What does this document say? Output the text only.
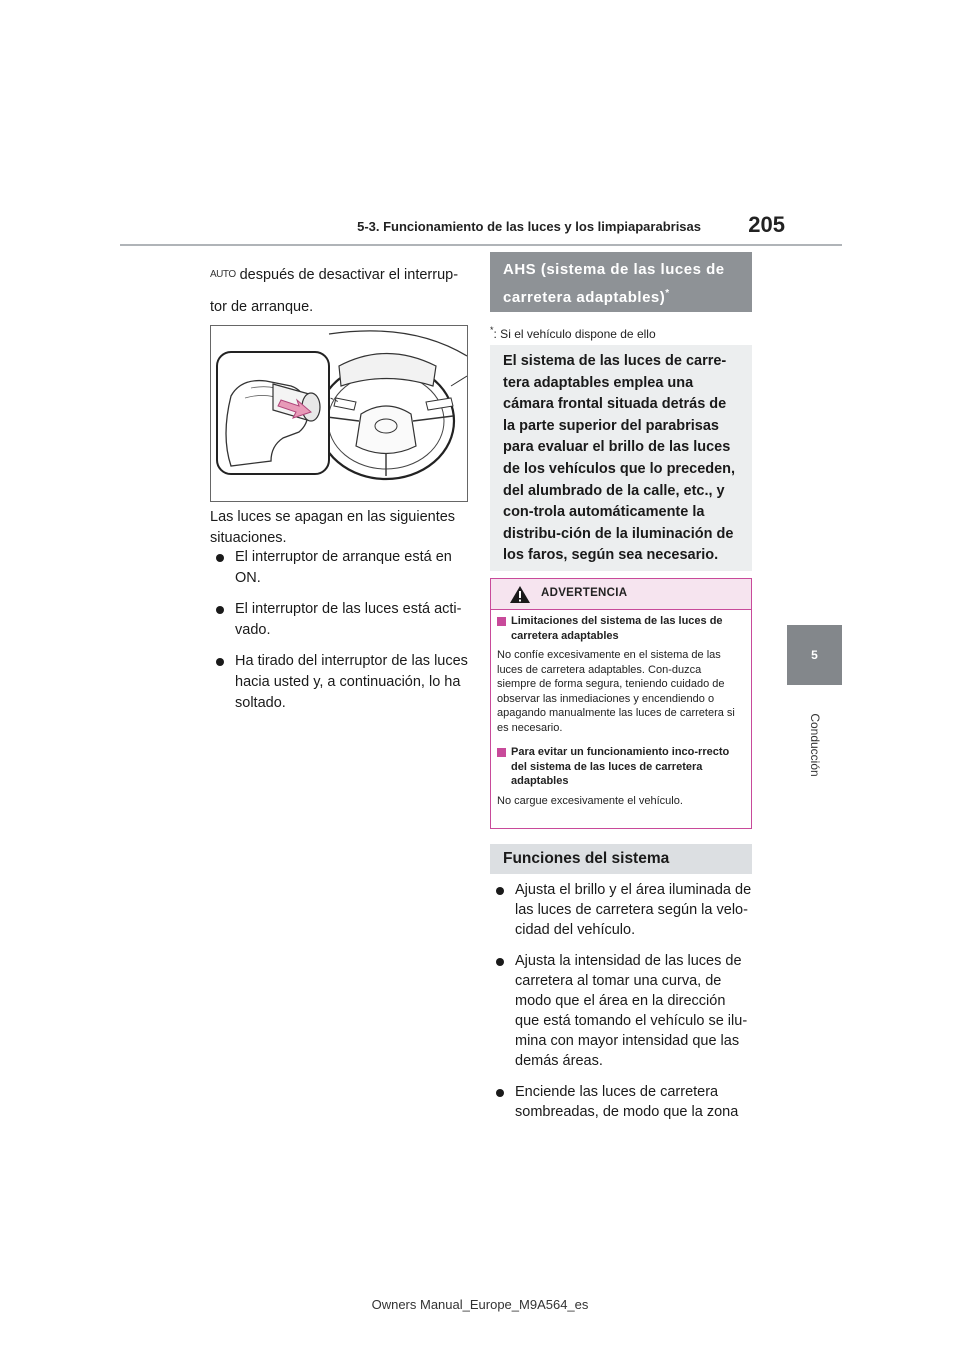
5-3. Funcionamiento de las luces y los limpiaparabrisas	205
5
Conducción
AUTO después de desactivar el interrup-
tor de arranque.
Las luces se apagan en las siguientes situaciones.
El interruptor de arranque está en ON.
El interruptor de las luces está acti-vado.
Ha tirado del interruptor de las luces hacia usted y, a continuación, lo ha soltado.
AHS (sistema de las luces de carretera adaptables)*
*: Si el vehículo dispone de ello
El sistema de las luces de carre-tera adaptables emplea una cámara frontal situada detrás de la parte superior del parabrisas para evaluar el brillo de las luces de los vehículos que lo preceden, del alumbrado de la calle, etc., y con-trola automáticamente la distribu-ción de la iluminación de los faros, según sea necesario.
ADVERTENCIA
Limitaciones del sistema de las luces de carretera adaptables
No confíe excesivamente en el sistema de las luces de carretera adaptables. Con-duzca siempre de forma segura, teniendo cuidado de observar las inmediaciones y encendiendo o apagando manualmente las luces de carretera si es necesario.
Para evitar un funcionamiento inco-rrecto del sistema de las luces de carretera adaptables
No cargue excesivamente el vehículo.
Funciones del sistema
Ajusta el brillo y el área iluminada de las luces de carretera según la velo-cidad del vehículo.
Ajusta la intensidad de las luces de carretera al tomar una curva, de modo que el área en la dirección que está tomando el vehículo se ilu-mina con mayor intensidad que las demás áreas.
Enciende las luces de carretera sombreadas, de modo que la zona
Owners Manual_Europe_M9A564_es
